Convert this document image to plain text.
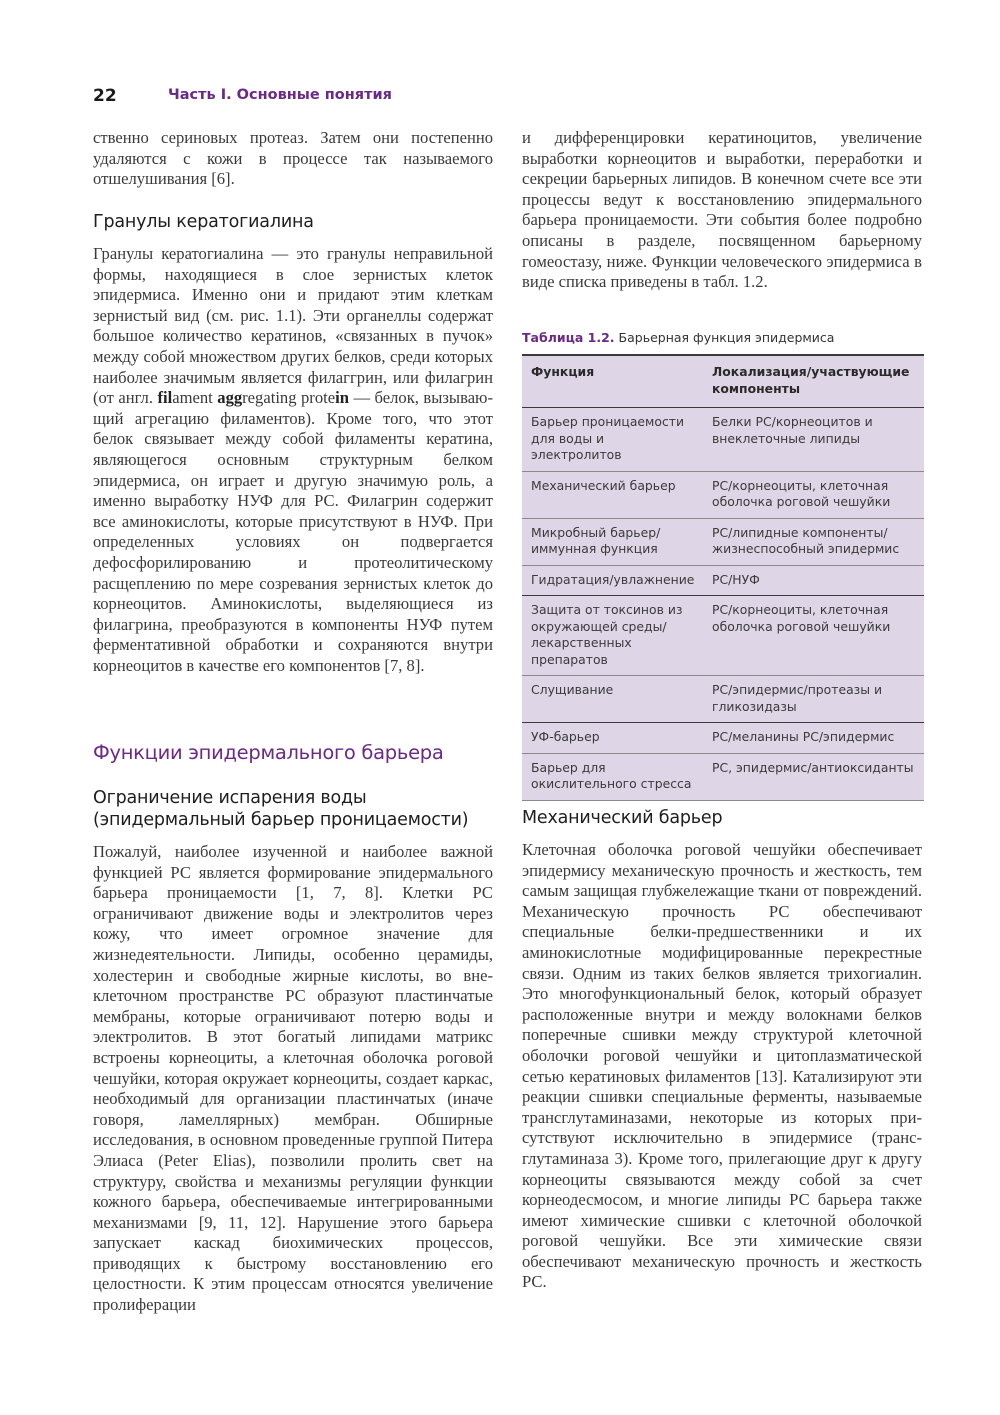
22	Часть I. Основные понятия

ственно сериновых протеаз. Затем они постепенно удаляются с кожи в процессе так называемого отшелушивания [6].

Гранулы кератогиалина

Гранулы кератогиалина — это гранулы неправильной формы, находящиеся в слое зернистых клеток эпидермиса. Именно они и придают этим клеткам зернистый вид (см. рис. 1.1). Эти органеллы содержат большое количество кератинов, «связанных в пучок» между собой множеством других белков, среди которых наиболее значимым является филаггрин, или филагрин (от англ. filament aggregating protein — белок, вызывающий агрегацию филаментов). Кроме того, что этот белок связывает между собой филаменты кератина, являющегося основным структурным белком эпидермиса, он играет и другую значимую роль, а именно выработку НУФ для РС. Филагрин содержит все аминокислоты, которые присутствуют в НУФ. При определенных условиях он подвергается дефосфорилированию и протеолитическому расщеплению по мере созревания зернистых клеток до корнеоцитов. Аминокислоты, выделяющиеся из филагрина, преобразуются в компоненты НУФ путем ферментативной обработки и сохраняются внутри корнеоцитов в качестве его компонентов [7, 8].

Функции эпидермального барьера
Ограничение испарения воды
(эпидермальный барьер проницаемости)

Пожалуй, наиболее изученной и наиболее важной функцией РС является формирование эпидермального барьера проницаемости [1, 7, 8]. Клетки РС ограничивают движение воды и электролитов через кожу, что имеет огромное значение для жизнедеятельности. Липиды, особенно церамиды, холестерин и свободные жирные кислоты, во внеклеточном пространстве РС образуют пластинчатые мембраны, которые ограничивают потерю воды и электролитов. В этот богатый липидами матрикс встроены корнеоциты, а клеточная оболочка роговой чешуйки, которая окружает корнеоциты, создает каркас, необходимый для организации пластинчатых (иначе говоря, ламеллярных) мембран. Обширные исследования, в основном проведенные группой Питера Элиаса (Peter Elias), позволили пролить свет на структуру, свойства и механизмы регуляции функции кожного барьера, обеспечиваемые интегрированными механизмами [9, 11, 12]. Нарушение этого барьера запускает каскад биохимических процессов, приводящих к быстрому восстановлению его целостности. К этим процессам относятся увеличение пролиферации

и дифференцировки кератиноцитов, увеличение выработки корнеоцитов и выработки, переработки и секреции барьерных липидов. В конечном счете все эти процессы ведут к восстановлению эпидермального барьера проницаемости. Эти события более подробно описаны в разделе, посвященном барьерному гомеостазу, ниже. Функции человеческого эпидермиса в виде списка приведены в табл. 1.2.

Таблица 1.2. Барьерная функция эпидермиса
Функция	Локализация/участвующие компоненты
Барьер проницаемости для воды и электролитов	Белки РС/корнеоцитов и внеклеточные липиды
Механический барьер	РС/корнеоциты, клеточная оболочка роговой чешуйки
Микробный барьер/ иммунная функция	РС/липидные компоненты/ жизнеспособный эпидермис
Гидратация/увлажнение	РС/НУФ
Защита от токсинов из окружающей среды/лекарственных препаратов	РС/корнеоциты, клеточная оболочка роговой чешуйки
Слущивание	РС/эпидермис/протеазы и гликозидазы
УФ-барьер	РС/меланины РС/эпидермис
Барьер для окислительного стресса	РС, эпидермис/антиоксиданты
Механический барьер

Клеточная оболочка роговой чешуйки обеспечивает эпидермису механическую прочность и жесткость, тем самым защищая глубжележащие ткани от повреждений. Механическую прочность РС обеспечивают специальные белки-предшественники и их аминокислотные модифицированные перекрестные связи. Одним из таких белков является трихогиалин. Это многофункциональный белок, который образует расположенные внутри и между волокнами белков поперечные сшивки между структурой клеточной оболочки роговой чешуйки и цитоплазматической сетью кератиновых филаментов [13]. Катализируют эти реакции сшивки специальные ферменты, называемые трансглутаминазами, некоторые из которых присутствуют исключительно в эпидермисе (трансглутаминаза 3). Кроме того, прилегающие друг к другу корнеоциты связываются между собой за счет корнеодесмосом, и многие липиды РС барьера также имеют химические сшивки с клеточной оболочкой роговой чешуйки. Все эти химические связи обеспечивают механическую прочность и жесткость РС.
